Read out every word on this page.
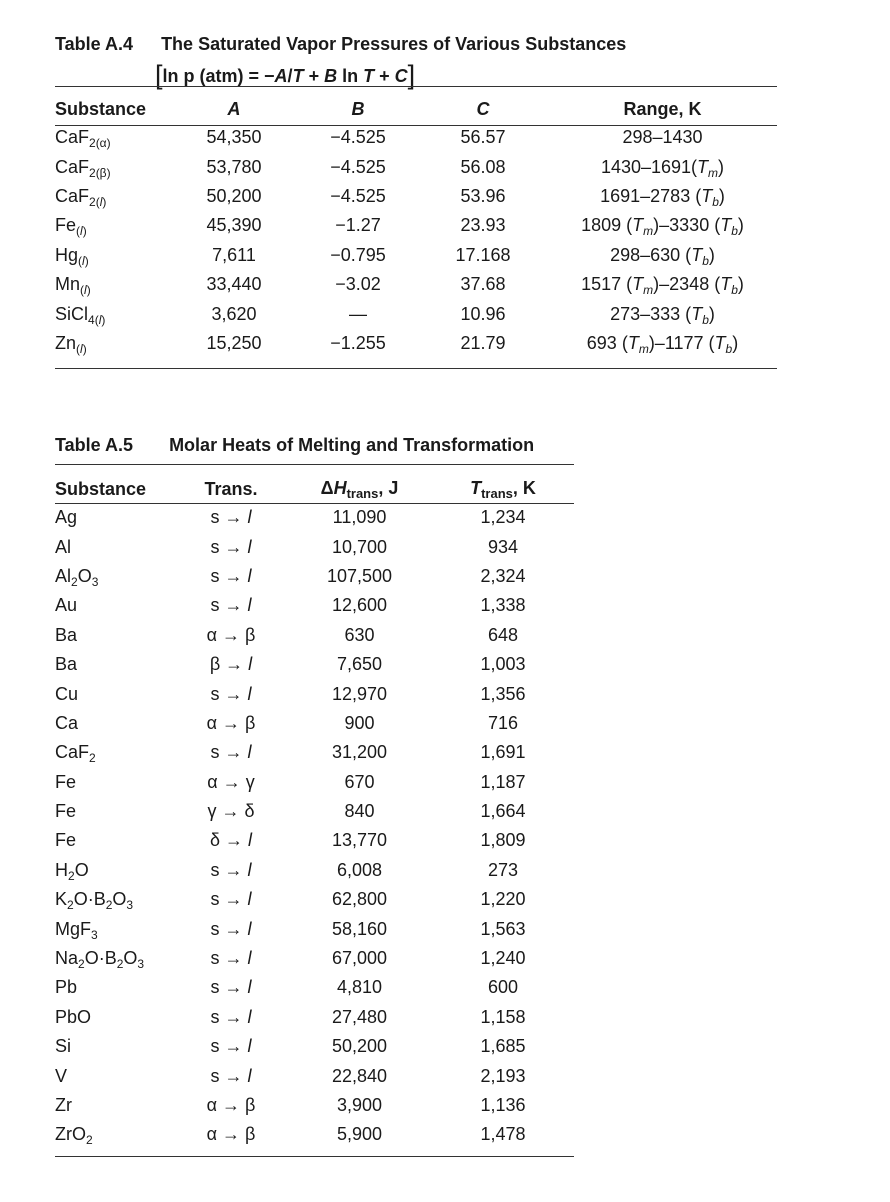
Table A.4 The Saturated Vapor Pressures of Various Substances
[ln p (atm) = −A/T + B ln T + C]
Substance	A	B	C	Range, K
CaF$_{2(\alpha)}$	54,350	−4.525	56.57	298–1430
CaF$_{2(\beta)}$	53,780	−4.525	56.08	$1430-1691(T_m)$
CaF$_{2(l)}$	50,200	−4.525	53.96	1691–2783 $(T_b)$
$Fe_{(l)}$	45,390	−1.27	23.93	1809 $(T_m)-3330$ $(T_b)$
$Hg_{(l)}$	7,611	−0.795	17.168	298–630 $(T_b)$
$Mn_{(l)}$	33,440	−3.02	37.68	1517 $(T_m)-2348$ $(T_b)$
SiCl$_{4(l)}$	3,620	—	10.96	273–333 $(T_b)$
$Zn_{(l)}$	15,250	−1.255	21.79	693 $(T_m)-1177$ $(T_b)$
Table A.5 Molar Heats of Melting and Transformation
Substance	Trans.	$\Delta H_{trans}$, J	$T_{trans}$, K
Ag	s → l	11,090	1,234
Al	s → l	10,700	934
$Al_2O_3$	s → l	107,500	2,324
Au	s → l	12,600	1,338
Ba	α → β	630	648
Ba	β → l	7,650	1,003
Cu	s → l	12,970	1,356
Ca	α → β	900	716
CaF$_2$	s → l	31,200	1,691
Fe	α → γ	670	1,187
Fe	γ → δ	840	1,664
Fe	δ → l	13,770	1,809
$H_2O$	s → l	6,008	273
$K_2O\cdot B_2O_3$	s → l	62,800	1,220
MgF$_3$	s → l	58,160	1,563
$Na_2O\cdot B_2O_3$	s → l	67,000	1,240
Pb	s → l	4,810	600
PbO	s → l	27,480	1,158
Si	s → l	50,200	1,685
V	s → l	22,840	2,193
Zr	α → β	3,900	1,136
ZrO$_2$	α → β	5,900	1,478
